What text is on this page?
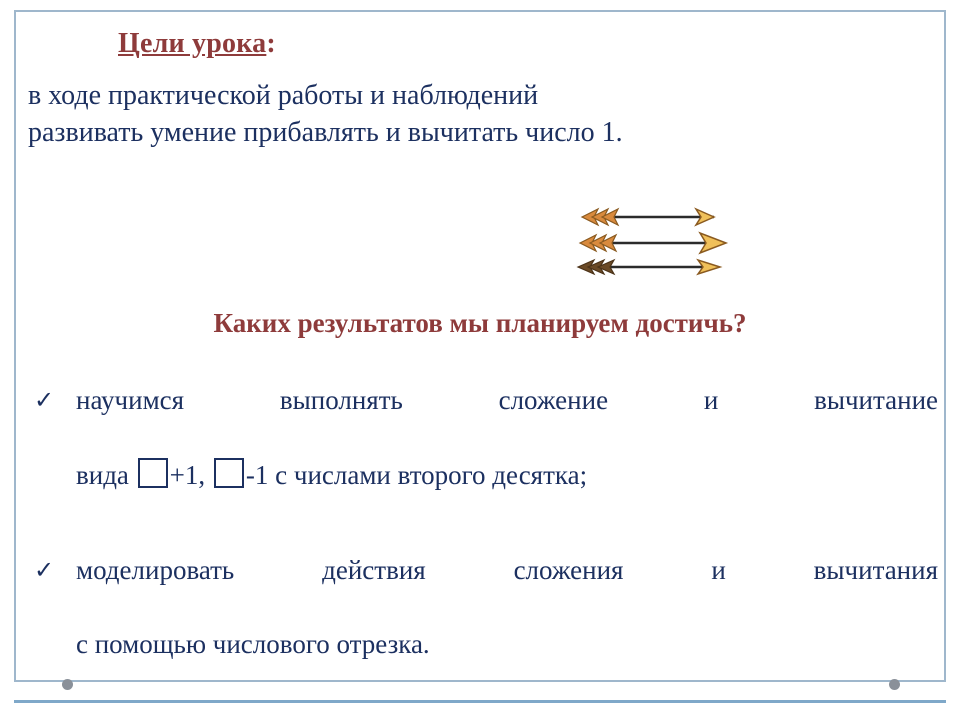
Цели урока:
в ходе практической работы и наблюдений
развивать умение прибавлять и вычитать число 1.
Каких результатов мы планируем достичь?
✓ научимся выполнять сложение и вычитание
вида +1, -1 с числами второго десятка;
✓ моделировать действия сложения и вычитания
с помощью числового отрезка.
